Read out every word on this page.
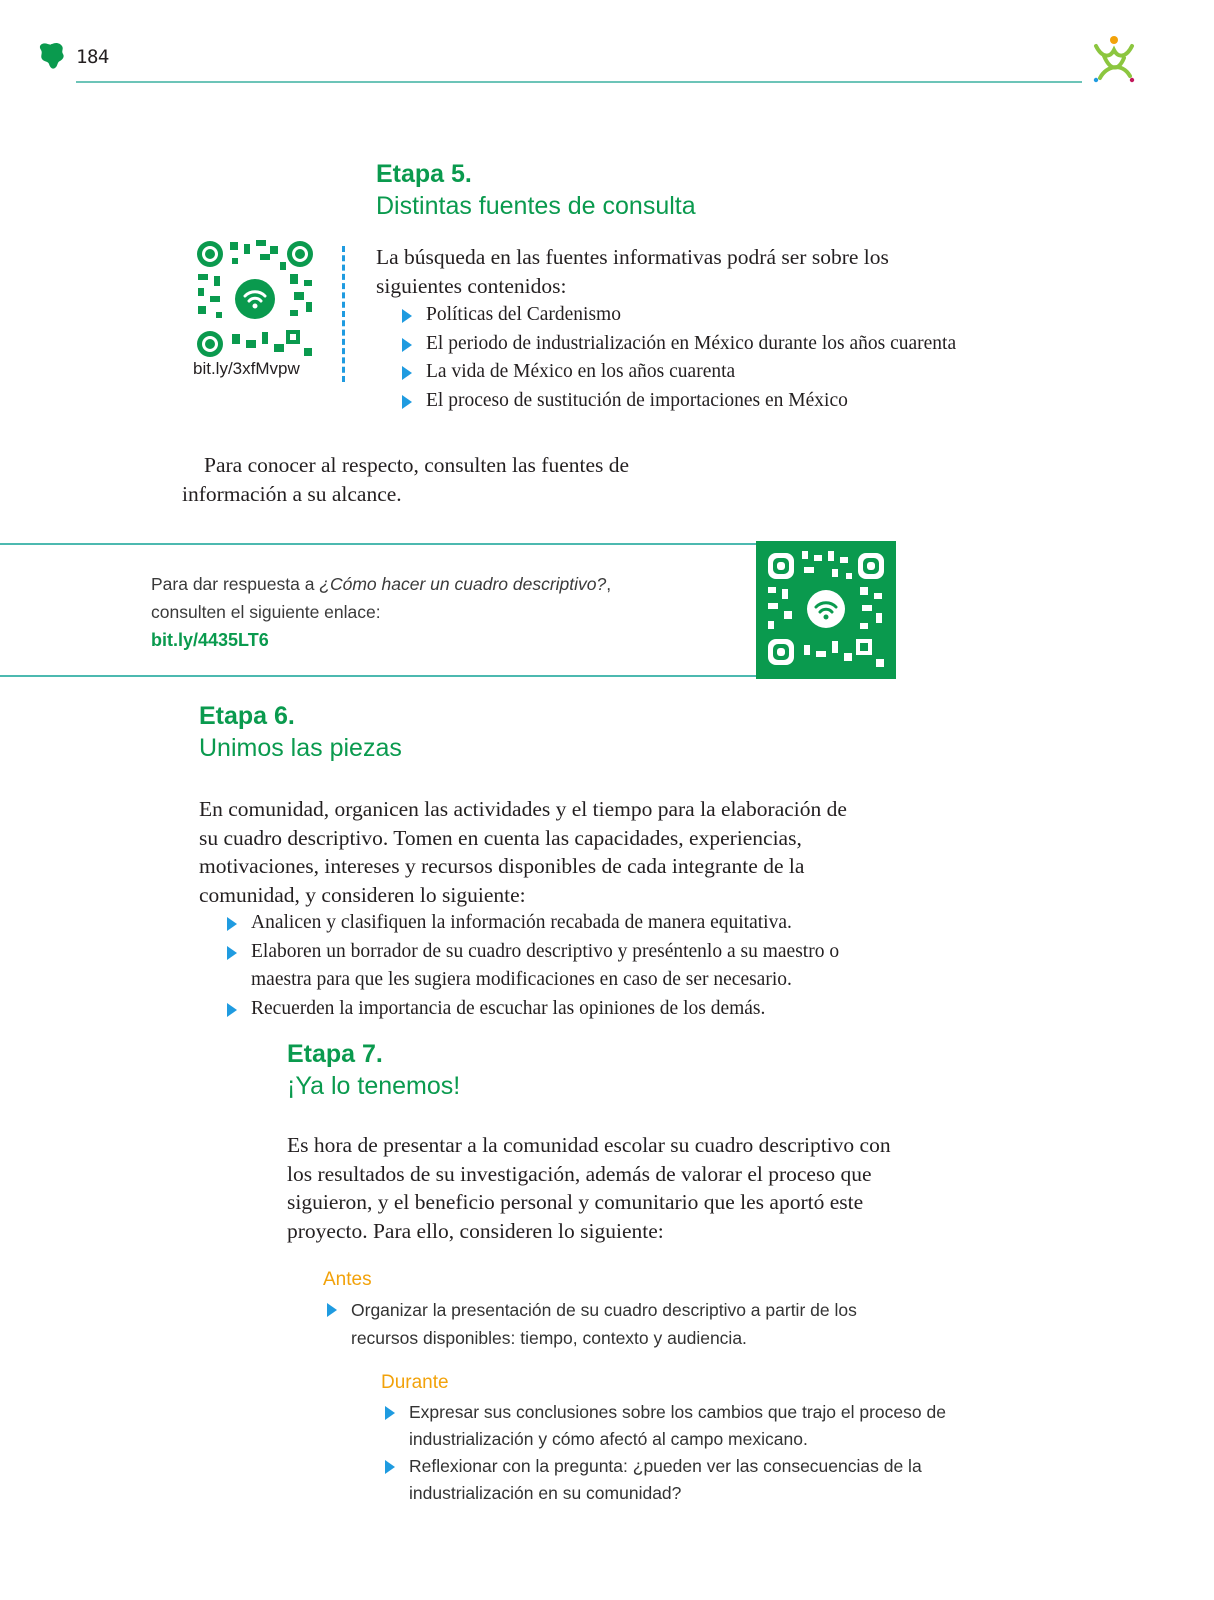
184

Etapa 5.

Distintas fuentes de consulta

bit.ly/3xfMvpw
La búsqueda en las fuentes informativas podrá ser sobre los siguientes contenidos:
Políticas del Cardenismo
El periodo de industrialización en México durante los años cuarenta
La vida de México en los años cuarenta
El proceso de sustitución de importaciones en México
Para conocer al respecto, consulten las fuentes de información a su alcance.
Para dar respuesta a ¿Cómo hacer un cuadro descriptivo?,
consulten el siguiente enlace:
bit.ly/4435LT6

Etapa 6.

Unimos las piezas

En comunidad, organicen las actividades y el tiempo para la elaboración de su cuadro descriptivo. Tomen en cuenta las capacidades, experiencias, motivaciones, intereses y recursos disponibles de cada integrante de la comunidad, y consideren lo siguiente:
Analicen y clasifiquen la información recabada de manera equitativa.
Elaboren un borrador de su cuadro descriptivo y preséntenlo a su maestro o maestra para que les sugiera modificaciones en caso de ser necesario.
Recuerden la importancia de escuchar las opiniones de los demás.

Etapa 7.

¡Ya lo tenemos!

Es hora de presentar a la comunidad escolar su cuadro descriptivo con los resultados de su investigación, además de valorar el proceso que siguieron, y el beneficio personal y comunitario que les aportó este proyecto. Para ello, consideren lo siguiente:
Antes
Organizar la presentación de su cuadro descriptivo a partir de los recursos disponibles: tiempo, contexto y audiencia.
Durante
Expresar sus conclusiones sobre los cambios que trajo el proceso de industrialización y cómo afectó al campo mexicano.
Reflexionar con la pregunta: ¿pueden ver las consecuencias de la industrialización en su comunidad?
